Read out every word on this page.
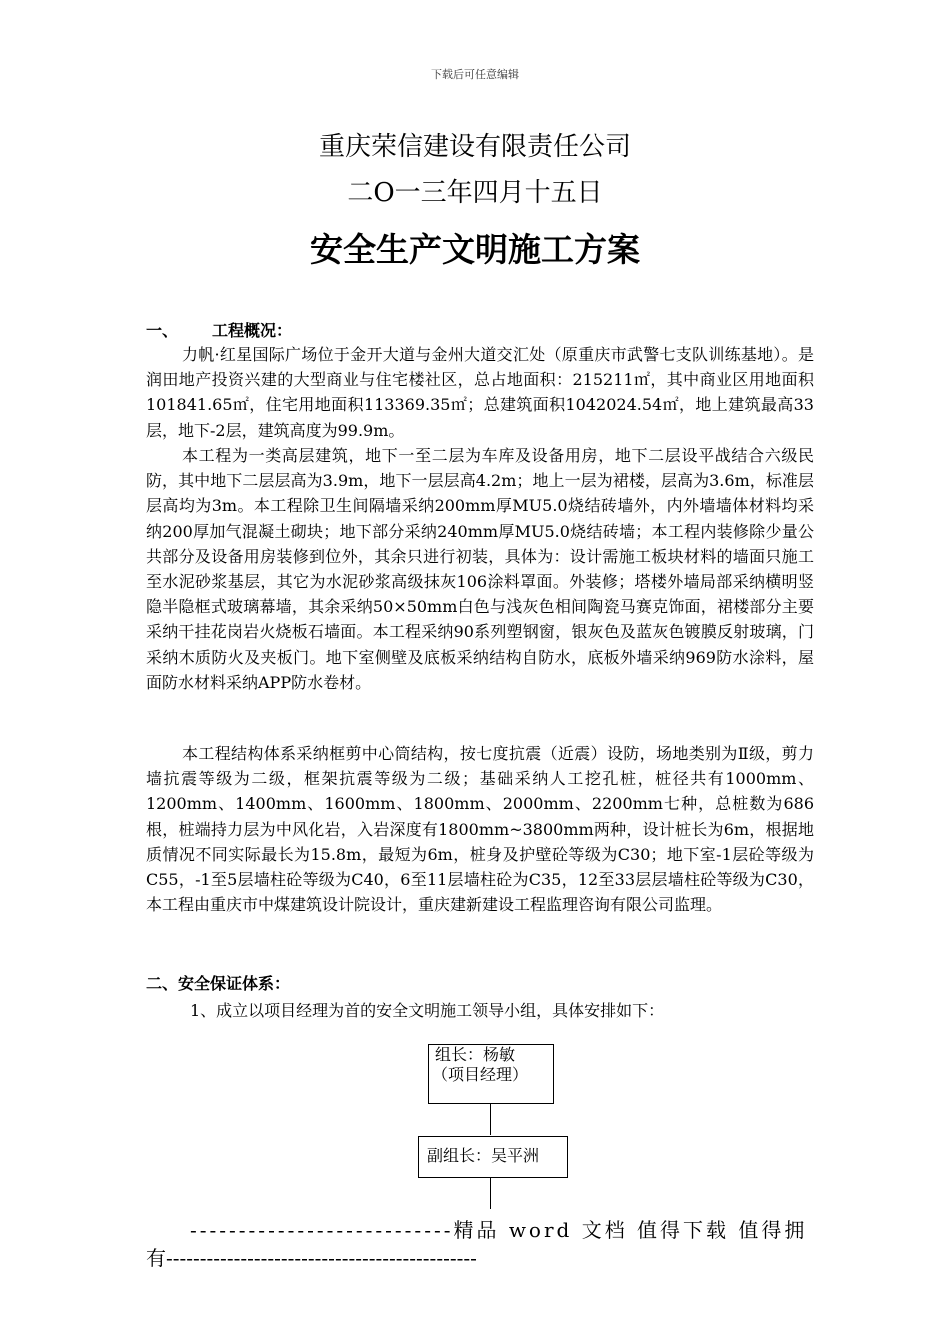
下载后可任意编辑
重庆荣信建设有限责任公司
二O一三年四月十五日
安全生产文明施工方案
一、 工程概况：

力帆·红星国际广场位于金开大道与金州大道交汇处（原重庆市武警七支队训练基地）。是润田地产投资兴建的大型商业与住宅楼社区，总占地面积：215211㎡，其中商业区用地面积101841.65㎡，住宅用地面积113369.35㎡；总建筑面积1042024.54㎡，地上建筑最高33层，地下-2层，建筑高度为99.9m。

本工程为一类高层建筑，地下一至二层为车库及设备用房，地下二层设平战结合六级民防，其中地下二层层高为3.9m，地下一层层高4.2m；地上一层为裙楼，层高为3.6m，标准层层高均为3m。本工程除卫生间隔墙采纳200mm厚MU5.0烧结砖墙外，内外墙墙体材料均采纳200厚加气混凝土砌块；地下部分采纳240mm厚MU5.0烧结砖墙；本工程内装修除少量公共部分及设备用房装修到位外，其余只进行初装，具体为：设计需施工板块材料的墙面只施工至水泥砂浆基层，其它为水泥砂浆高级抹灰106涂料罩面。外装修；塔楼外墙局部采纳横明竖隐半隐框式玻璃幕墙，其余采纳50×50mm白色与浅灰色相间陶瓷马赛克饰面，裙楼部分主要采纳干挂花岗岩火烧板石墙面。本工程采纳90系列塑钢窗，银灰色及蓝灰色镀膜反射玻璃，门采纳木质防火及夹板门。地下室侧壁及底板采纳结构自防水，底板外墙采纳969防水涂料，屋面防水材料采纳APP防水卷材。

本工程结构体系采纳框剪中心筒结构，按七度抗震（近震）设防，场地类别为Ⅱ级，剪力墙抗震等级为二级，框架抗震等级为二级；基础采纳人工挖孔桩，桩径共有1000mm、1200mm、1400mm、1600mm、1800mm、2000mm、2200mm七种，总桩数为686根，桩端持力层为中风化岩，入岩深度有1800mm~3800mm两种，设计桩长为6m，根据地质情况不同实际最长为15.8m，最短为6m，桩身及护壁砼等级为C30；地下室-1层砼等级为C55，-1至5层墙柱砼等级为C40，6至11层墙柱砼为C35，12至33层层墙柱砼等级为C30，本工程由重庆市中煤建筑设计院设计，重庆建新建设工程监理咨询有限公司监理。

二、安全保证体系：

1、成立以项目经理为首的安全文明施工领导小组，具体安排如下：

组长：杨敏
（项目经理）
副组长：吴平洲
---------------------------精品 word 文档 值得下载 值得拥
有----------------------------------------------
